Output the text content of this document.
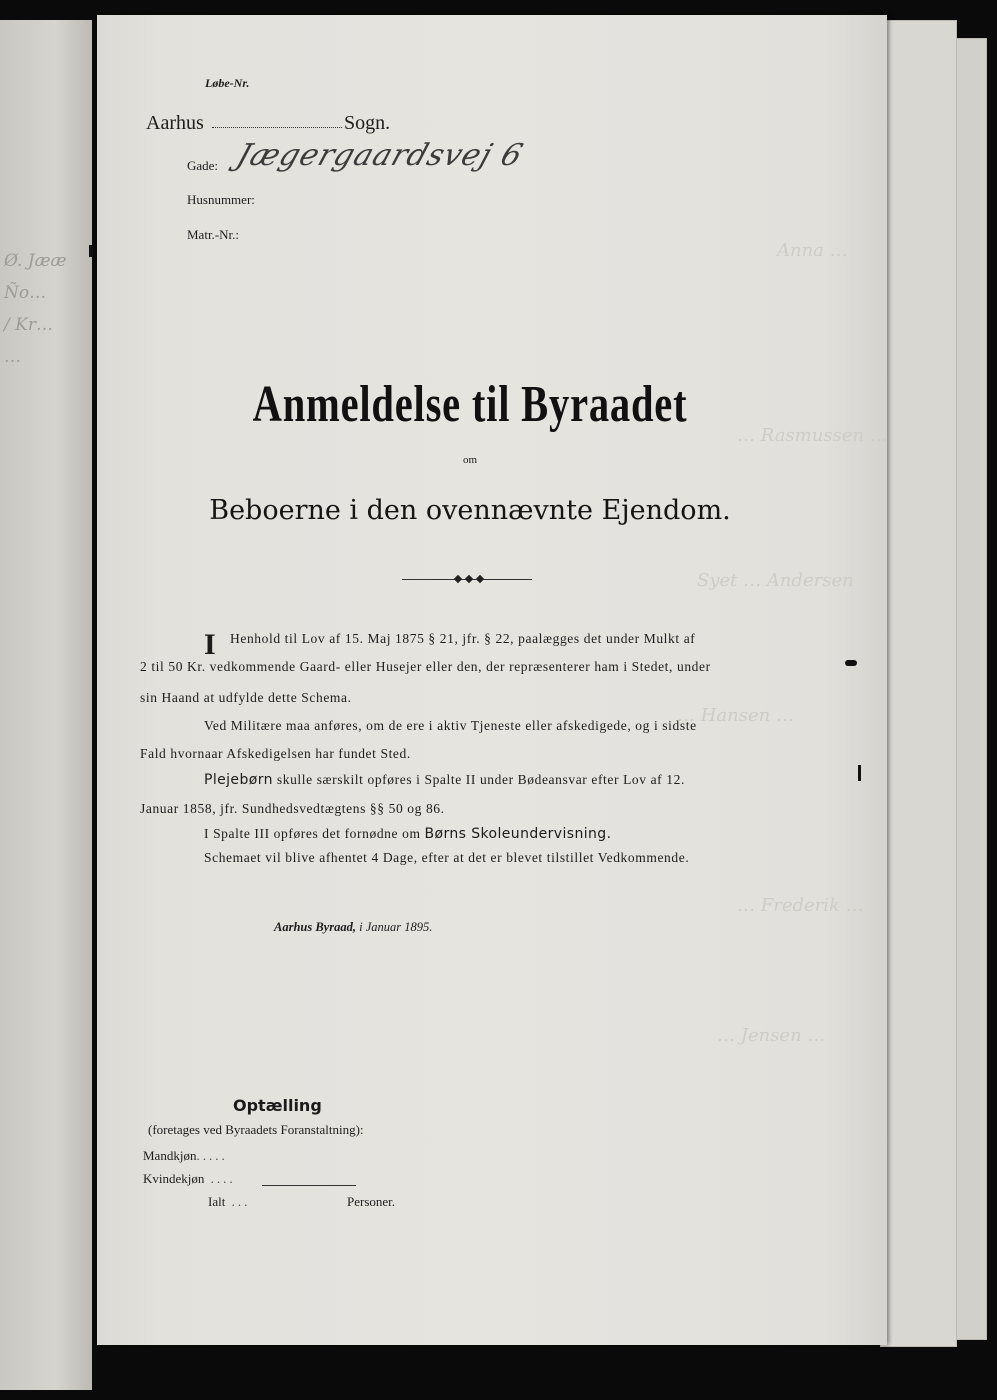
Ø. Jææ
Ño…
/ Kr…
…
Anna …
… Rasmussen …
Syet … Andersen
… Hansen …
… Frederik …
… Jensen …
Løbe-Nr.
Aarhus	Sogn.
Gade: Jægergaardsvej 6
Husnummer:
Matr.-Nr.:
Anmeldelse til Byraadet
om
Beboerne i den ovennævnte Ejendom.
I	Henhold til Lov af 15. Maj 1875 § 21, jfr. § 22, paalægges det under Mulkt af
2 til 50 Kr. vedkommende Gaard- eller Husejer eller den, der repræsenterer ham i Stedet, under
sin Haand at udfylde dette Schema.
Ved Militære maa anføres, om de ere i aktiv Tjeneste eller afskedigede, og i sidste
Fald hvornaar Afskedigelsen har fundet Sted.
Plejebørn skulle særskilt opføres i Spalte II under Bødeansvar efter Lov af 12.
Januar 1858, jfr. Sundhedsvedtægtens §§ 50 og 86.
I Spalte III opføres det fornødne om Børns Skoleundervisning.
Schemaet vil blive afhentet 4 Dage, efter at det er blevet tilstillet Vedkommende.
Aarhus Byraad, i Januar 1895.
Optælling
(foretages ved Byraadets Foranstaltning):
Mandkjøn.....
Kvindekjøn ....
Ialt ...	Personer.
